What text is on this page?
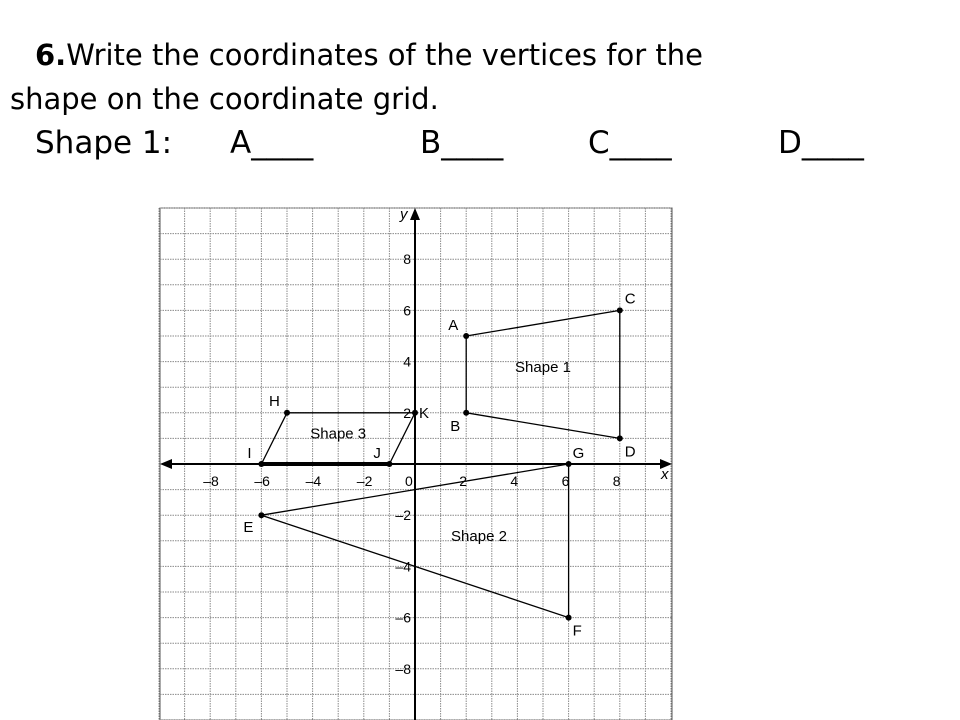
6.Write the coordinates of the vertices for the
shape on the coordinate grid.
Shape 1: A____	B____	C____	D____
–8	–6	–4	–2 0	2	4	6	8
8
6
4
2
–2
–4
–6
–8
x
y
Shape 1
Shape 2
Shape 3
A
B
C
D
E
F
G
H
I	J
K
